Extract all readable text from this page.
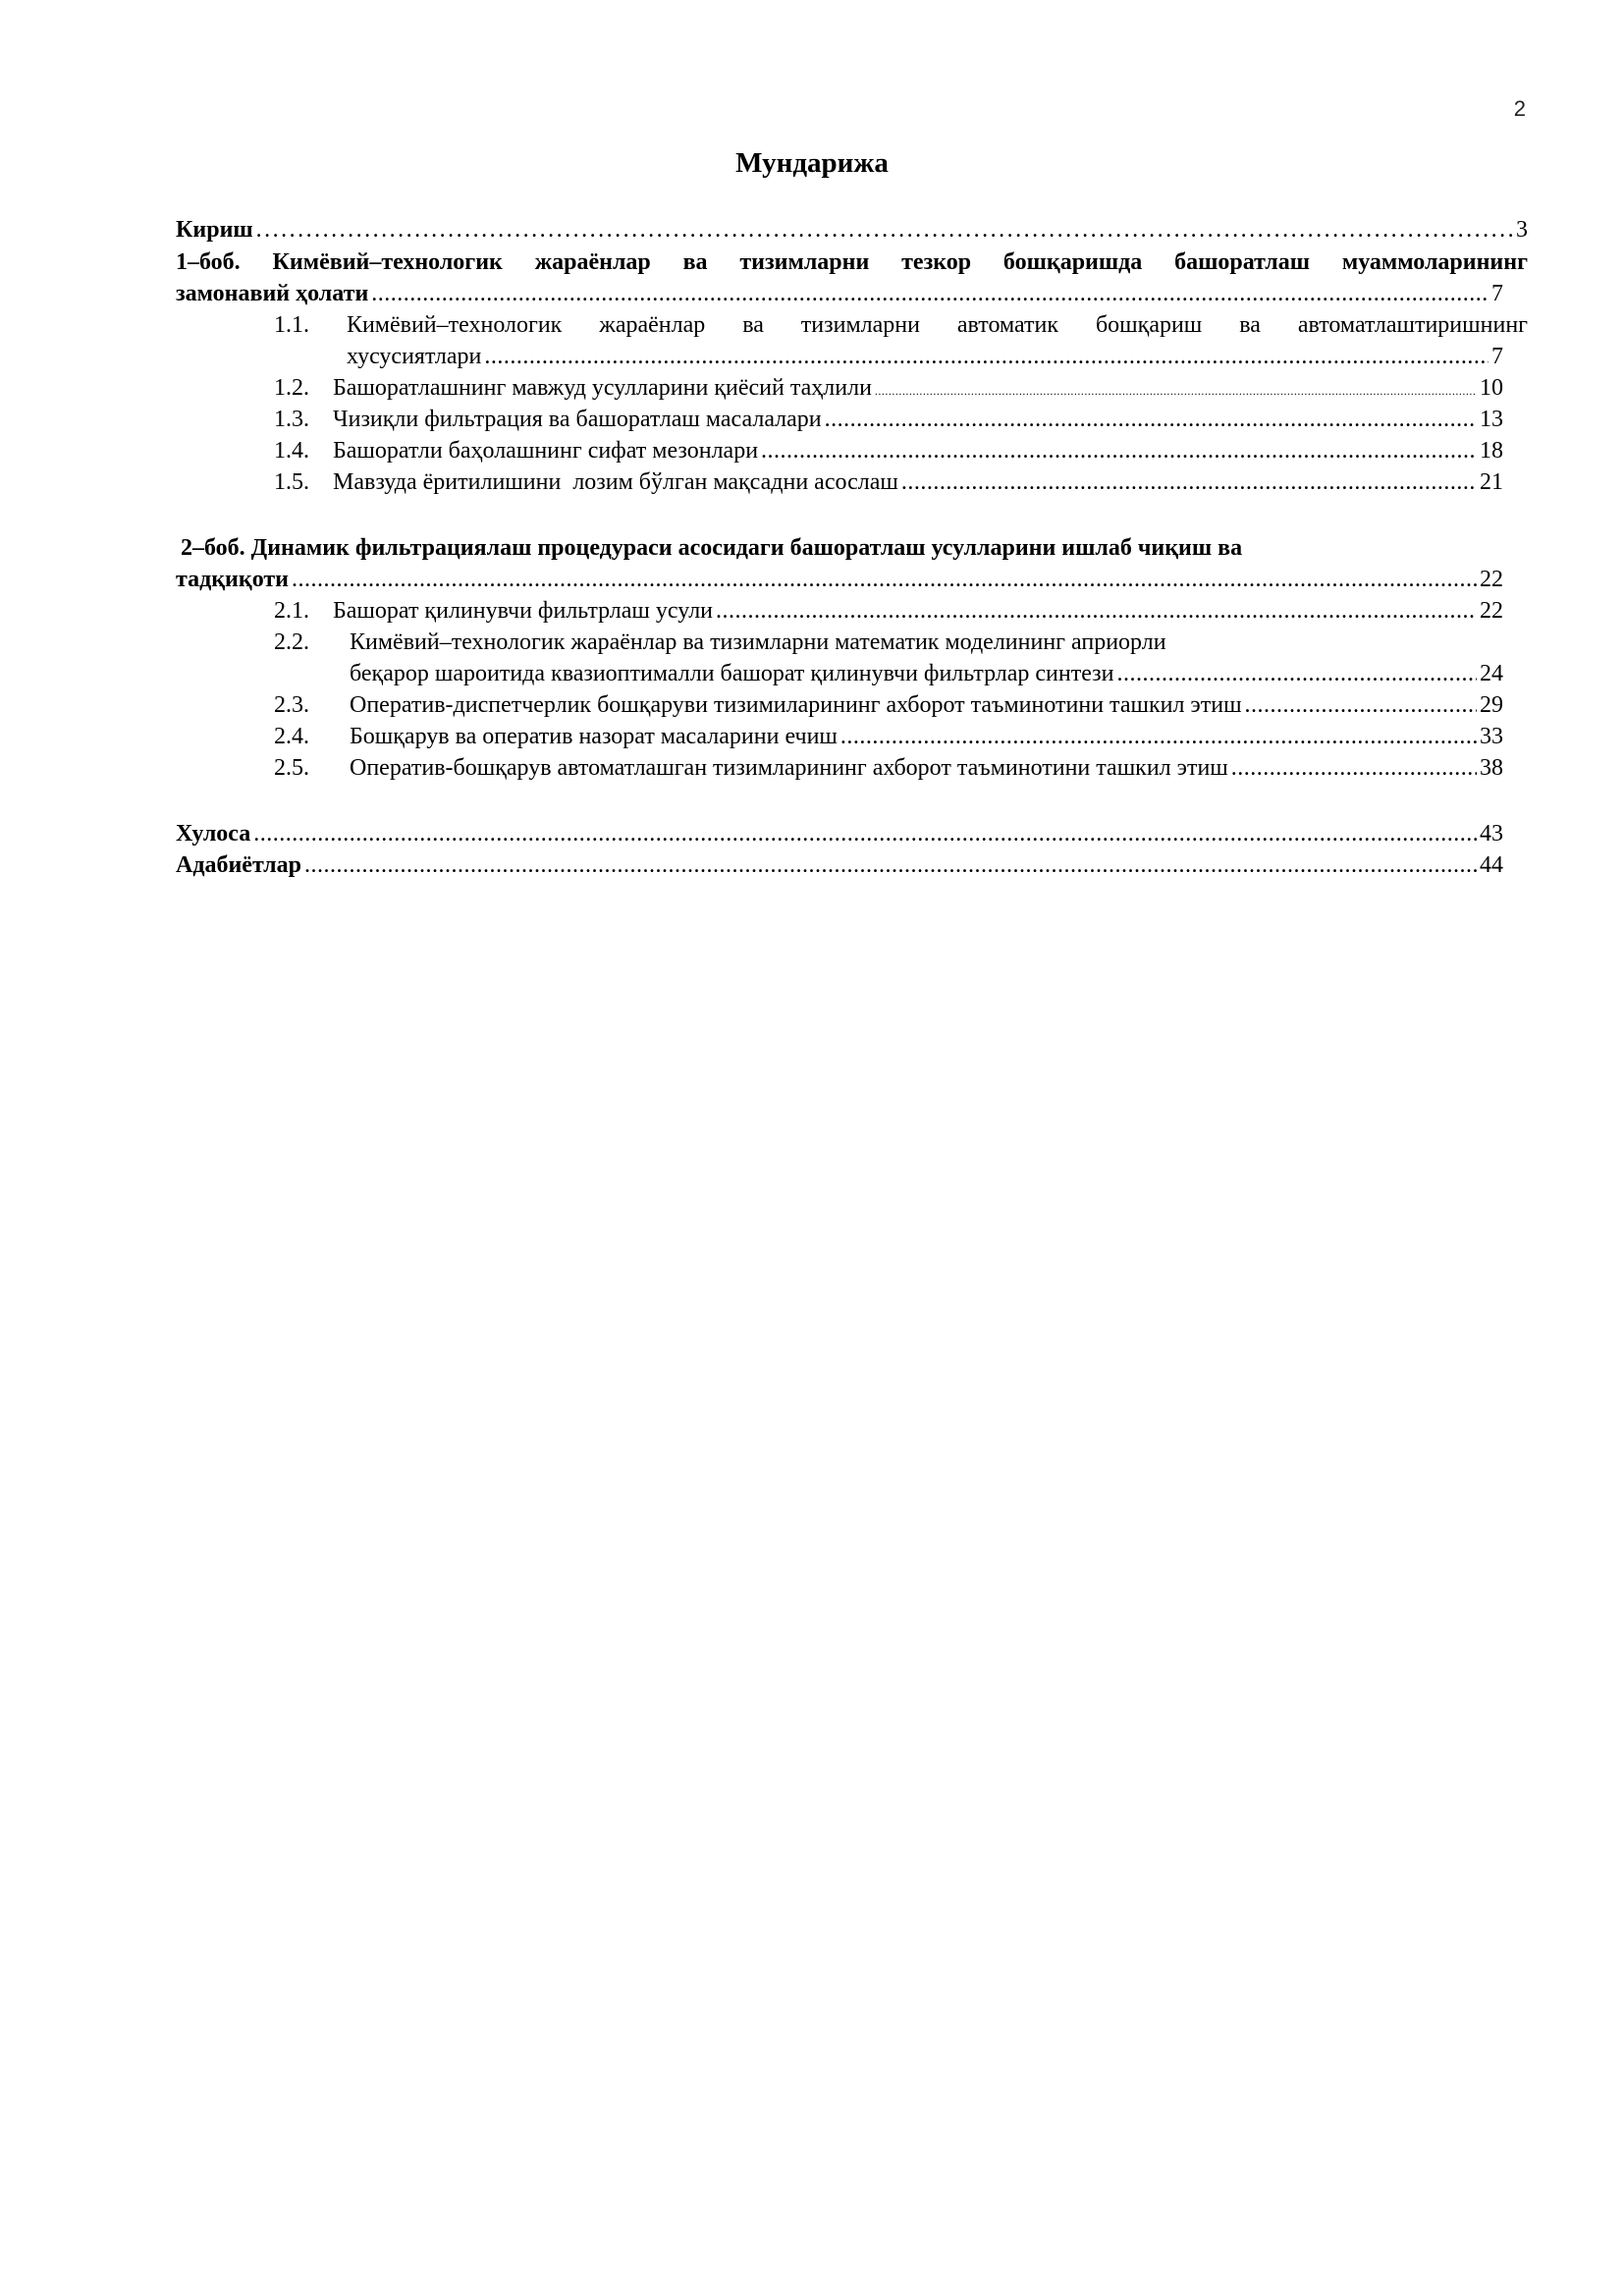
2
Мундарижа
Кириш .....	3
1–боб. Кимёвий–технологик жараёнлар ва тизимларни тезкор бошқаришда башоратлаш муаммоларининг
замонавий ҳолати .....	7
1.1. Кимёвий–технологик жараёнлар ва тизимларни автоматик бошқариш ва автоматлаштиришнинг
хусусиятлари .....	7
1.2.	Башоратлашнинг мавжуд усулларини қиёсий таҳлили .....	10
1.3.	Чизиқли фильтрация ва башоратлаш масалалари .....	13
1.4.	Башоратли баҳолашнинг сифат мезонлари .....	18
1.5.	Мавзуда ёритилишини  лозим бўлган мақсадни асослаш .....	21
2–боб. Динамик фильтрациялаш процедураси асосидаги башоратлаш усулларини ишлаб чиқиш ва
тадқиқоти .....	22
2.1.	Башорат қилинувчи фильтрлаш усули .....	22
2.2.	Кимёвий–технологик жараёнлар ва тизимларни математик моделининг априорли
беқарор шароитида квазиоптималли башорат қилинувчи фильтрлар синтези .....	24
2.3.	Оператив-диспетчерлик бошқаруви тизимиларининг ахборот таъминотини ташкил этиш .....	29
2.4.	Бошқарув ва оператив назорат масаларини ечиш .....	33
2.5.	Оператив-бошқарув автоматлашган тизимларининг ахборот таъминотини ташкил этиш .....	38
Хулоса .....	43
Адабиётлар .....	44
